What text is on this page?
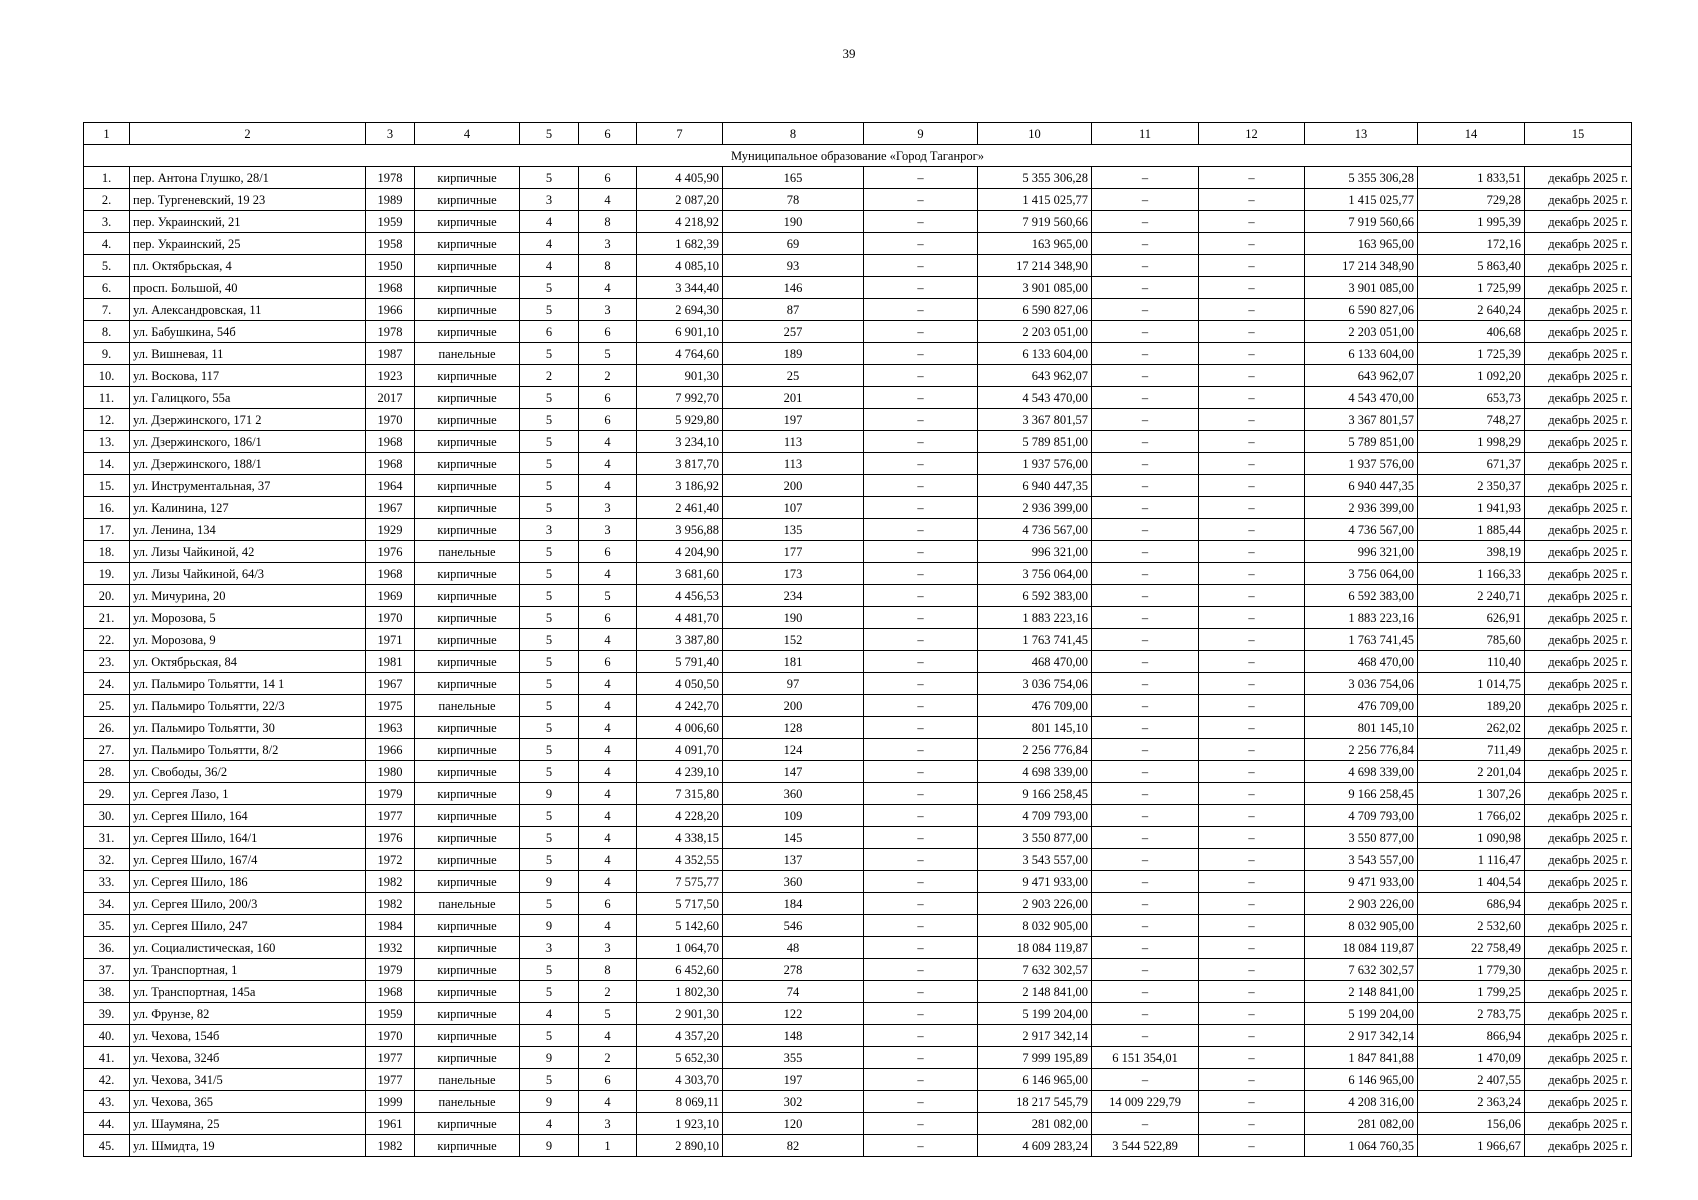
39
1	2	3	4	5	6	7	8	9	10	11	12	13	14	15
Муниципальное образование «Город Таганрог»														
1.	пер. Антона Глушко, 28/1	1978	кирпичные	5	6	4 405,90	165	–	5 355 306,28	–	–	5 355 306,28	1 833,51	декабрь 2025 г.
2.	пер. Тургеневский, 19 23	1989	кирпичные	3	4	2 087,20	78	–	1 415 025,77	–	–	1 415 025,77	729,28	декабрь 2025 г.
3.	пер. Украинский, 21	1959	кирпичные	4	8	4 218,92	190	–	7 919 560,66	–	–	7 919 560,66	1 995,39	декабрь 2025 г.
4.	пер. Украинский, 25	1958	кирпичные	4	3	1 682,39	69	–	163 965,00	–	–	163 965,00	172,16	декабрь 2025 г.
5.	пл. Октябрьская, 4	1950	кирпичные	4	8	4 085,10	93	–	17 214 348,90	–	–	17 214 348,90	5 863,40	декабрь 2025 г.
6.	просп. Большой, 40	1968	кирпичные	5	4	3 344,40	146	–	3 901 085,00	–	–	3 901 085,00	1 725,99	декабрь 2025 г.
7.	ул. Александровская, 11	1966	кирпичные	5	3	2 694,30	87	–	6 590 827,06	–	–	6 590 827,06	2 640,24	декабрь 2025 г.
8.	ул. Бабушкина, 54б	1978	кирпичные	6	6	6 901,10	257	–	2 203 051,00	–	–	2 203 051,00	406,68	декабрь 2025 г.
9.	ул. Вишневая, 11	1987	панельные	5	5	4 764,60	189	–	6 133 604,00	–	–	6 133 604,00	1 725,39	декабрь 2025 г.
10.	ул. Воскова, 117	1923	кирпичные	2	2	901,30	25	–	643 962,07	–	–	643 962,07	1 092,20	декабрь 2025 г.
11.	ул. Галицкого, 55а	2017	кирпичные	5	6	7 992,70	201	–	4 543 470,00	–	–	4 543 470,00	653,73	декабрь 2025 г.
12.	ул. Дзержинского, 171 2	1970	кирпичные	5	6	5 929,80	197	–	3 367 801,57	–	–	3 367 801,57	748,27	декабрь 2025 г.
13.	ул. Дзержинского, 186/1	1968	кирпичные	5	4	3 234,10	113	–	5 789 851,00	–	–	5 789 851,00	1 998,29	декабрь 2025 г.
14.	ул. Дзержинского, 188/1	1968	кирпичные	5	4	3 817,70	113	–	1 937 576,00	–	–	1 937 576,00	671,37	декабрь 2025 г.
15.	ул. Инструментальная, 37	1964	кирпичные	5	4	3 186,92	200	–	6 940 447,35	–	–	6 940 447,35	2 350,37	декабрь 2025 г.
16.	ул. Калинина, 127	1967	кирпичные	5	3	2 461,40	107	–	2 936 399,00	–	–	2 936 399,00	1 941,93	декабрь 2025 г.
17.	ул. Ленина, 134	1929	кирпичные	3	3	3 956,88	135	–	4 736 567,00	–	–	4 736 567,00	1 885,44	декабрь 2025 г.
18.	ул. Лизы Чайкиной, 42	1976	панельные	5	6	4 204,90	177	–	996 321,00	–	–	996 321,00	398,19	декабрь 2025 г.
19.	ул. Лизы Чайкиной, 64/3	1968	кирпичные	5	4	3 681,60	173	–	3 756 064,00	–	–	3 756 064,00	1 166,33	декабрь 2025 г.
20.	ул. Мичурина, 20	1969	кирпичные	5	5	4 456,53	234	–	6 592 383,00	–	–	6 592 383,00	2 240,71	декабрь 2025 г.
21.	ул. Морозова, 5	1970	кирпичные	5	6	4 481,70	190	–	1 883 223,16	–	–	1 883 223,16	626,91	декабрь 2025 г.
22.	ул. Морозова, 9	1971	кирпичные	5	4	3 387,80	152	–	1 763 741,45	–	–	1 763 741,45	785,60	декабрь 2025 г.
23.	ул. Октябрьская, 84	1981	кирпичные	5	6	5 791,40	181	–	468 470,00	–	–	468 470,00	110,40	декабрь 2025 г.
24.	ул. Пальмиро Тольятти, 14 1	1967	кирпичные	5	4	4 050,50	97	–	3 036 754,06	–	–	3 036 754,06	1 014,75	декабрь 2025 г.
25.	ул. Пальмиро Тольятти, 22/3	1975	панельные	5	4	4 242,70	200	–	476 709,00	–	–	476 709,00	189,20	декабрь 2025 г.
26.	ул. Пальмиро Тольятти, 30	1963	кирпичные	5	4	4 006,60	128	–	801 145,10	–	–	801 145,10	262,02	декабрь 2025 г.
27.	ул. Пальмиро Тольятти, 8/2	1966	кирпичные	5	4	4 091,70	124	–	2 256 776,84	–	–	2 256 776,84	711,49	декабрь 2025 г.
28.	ул. Свободы, 36/2	1980	кирпичные	5	4	4 239,10	147	–	4 698 339,00	–	–	4 698 339,00	2 201,04	декабрь 2025 г.
29.	ул. Сергея Лазо, 1	1979	кирпичные	9	4	7 315,80	360	–	9 166 258,45	–	–	9 166 258,45	1 307,26	декабрь 2025 г.
30.	ул. Сергея Шило, 164	1977	кирпичные	5	4	4 228,20	109	–	4 709 793,00	–	–	4 709 793,00	1 766,02	декабрь 2025 г.
31.	ул. Сергея Шило, 164/1	1976	кирпичные	5	4	4 338,15	145	–	3 550 877,00	–	–	3 550 877,00	1 090,98	декабрь 2025 г.
32.	ул. Сергея Шило, 167/4	1972	кирпичные	5	4	4 352,55	137	–	3 543 557,00	–	–	3 543 557,00	1 116,47	декабрь 2025 г.
33.	ул. Сергея Шило, 186	1982	кирпичные	9	4	7 575,77	360	–	9 471 933,00	–	–	9 471 933,00	1 404,54	декабрь 2025 г.
34.	ул. Сергея Шило, 200/3	1982	панельные	5	6	5 717,50	184	–	2 903 226,00	–	–	2 903 226,00	686,94	декабрь 2025 г.
35.	ул. Сергея Шило, 247	1984	кирпичные	9	4	5 142,60	546	–	8 032 905,00	–	–	8 032 905,00	2 532,60	декабрь 2025 г.
36.	ул. Социалистическая, 160	1932	кирпичные	3	3	1 064,70	48	–	18 084 119,87	–	–	18 084 119,87	22 758,49	декабрь 2025 г.
37.	ул. Транспортная, 1	1979	кирпичные	5	8	6 452,60	278	–	7 632 302,57	–	–	7 632 302,57	1 779,30	декабрь 2025 г.
38.	ул. Транспортная, 145а	1968	кирпичные	5	2	1 802,30	74	–	2 148 841,00	–	–	2 148 841,00	1 799,25	декабрь 2025 г.
39.	ул. Фрунзе, 82	1959	кирпичные	4	5	2 901,30	122	–	5 199 204,00	–	–	5 199 204,00	2 783,75	декабрь 2025 г.
40.	ул. Чехова, 154б	1970	кирпичные	5	4	4 357,20	148	–	2 917 342,14	–	–	2 917 342,14	866,94	декабрь 2025 г.
41.	ул. Чехова, 324б	1977	кирпичные	9	2	5 652,30	355	–	7 999 195,89	6 151 354,01	–	1 847 841,88	1 470,09	декабрь 2025 г.
42.	ул. Чехова, 341/5	1977	панельные	5	6	4 303,70	197	–	6 146 965,00	–	–	6 146 965,00	2 407,55	декабрь 2025 г.
43.	ул. Чехова, 365	1999	панельные	9	4	8 069,11	302	–	18 217 545,79	14 009 229,79	–	4 208 316,00	2 363,24	декабрь 2025 г.
44.	ул. Шаумяна, 25	1961	кирпичные	4	3	1 923,10	120	–	281 082,00	–	–	281 082,00	156,06	декабрь 2025 г.
45.	ул. Шмидта, 19	1982	кирпичные	9	1	2 890,10	82	–	4 609 283,24	3 544 522,89	–	1 064 760,35	1 966,67	декабрь 2025 г.
